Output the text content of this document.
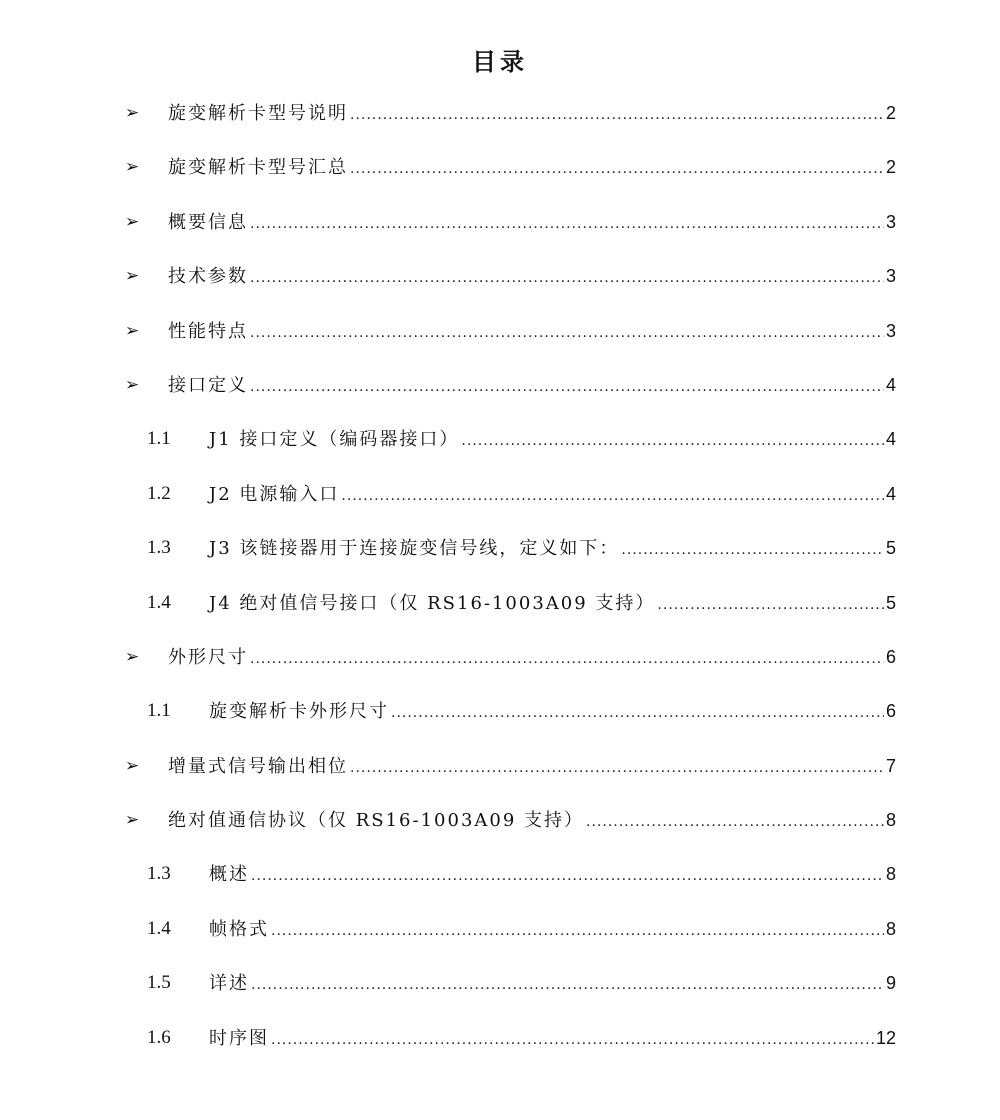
目录
➢ 旋变解析卡型号说明 .....	2
➢ 旋变解析卡型号汇总 .....	2
➢ 概要信息 .....	3
➢ 技术参数 .....	3
➢ 性能特点 .....	3
➢ 接口定义 .....	4
1.1 J1 接口定义（编码器接口） .....	4
1.2 J2 电源输入口 .....	4
1.3 J3 该链接器用于连接旋变信号线，定义如下： .....	5
1.4 J4 绝对值信号接口（仅 RS16-1003A09 支持） .....	5
➢ 外形尺寸 .....	6
1.1 旋变解析卡外形尺寸 .....	6
➢ 增量式信号输出相位 .....	7
➢ 绝对值通信协议（仅 RS16-1003A09 支持） .....	8
1.3 概述 .....	8
1.4 帧格式 .....	8
1.5 详述 .....	9
1.6 时序图 .....	12
